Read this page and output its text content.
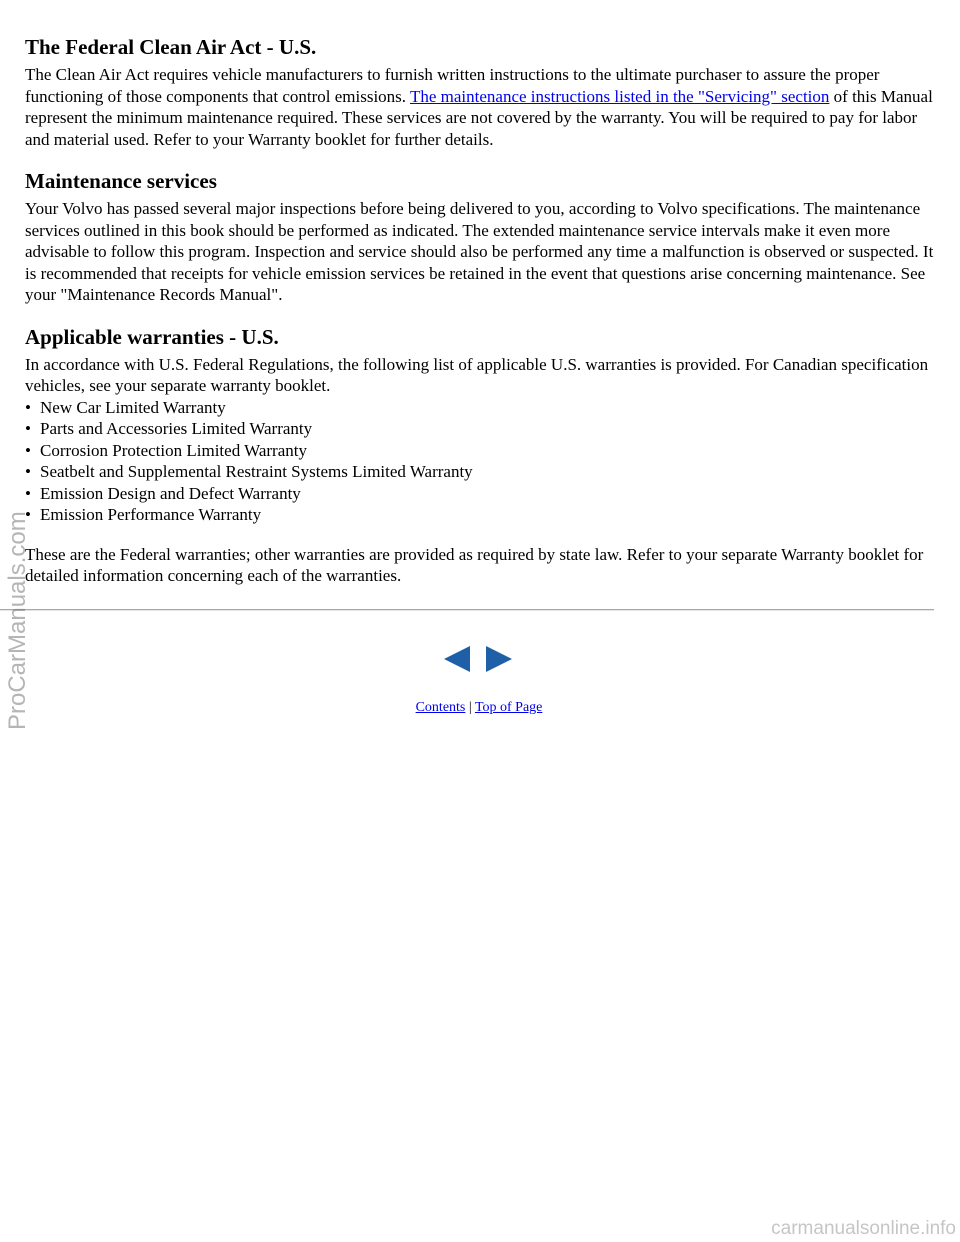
The Federal Clean Air Act - U.S.

The Clean Air Act requires vehicle manufacturers to furnish written instructions to the ultimate purchaser to assure the proper functioning of those components that control emissions. The maintenance instructions listed in the "Servicing" section of this Manual represent the minimum maintenance required. These services are not covered by the warranty. You will be required to pay for labor and material used. Refer to your Warranty booklet for further details.

Maintenance services

Your Volvo has passed several major inspections before being delivered to you, according to Volvo specifications. The maintenance services outlined in this book should be performed as indicated. The extended maintenance service intervals make it even more advisable to follow this program. Inspection and service should also be performed any time a malfunction is observed or suspected. It is recommended that receipts for vehicle emission services be retained in the event that questions arise concerning maintenance. See your "Maintenance Records Manual".

Applicable warranties - U.S.

In accordance with U.S. Federal Regulations, the following list of applicable U.S. warranties is provided. For Canadian specification vehicles, see your separate warranty booklet.

• New Car Limited Warranty
• Parts and Accessories Limited Warranty
• Corrosion Protection Limited Warranty
• Seatbelt and Supplemental Restraint Systems Limited Warranty
• Emission Design and Defect Warranty
• Emission Performance Warranty

These are the Federal warranties; other warranties are provided as required by state law. Refer to your separate Warranty booklet for detailed information concerning each of the warranties.

Contents | Top of Page
ProCarManuals.com
carmanualsonline.info
